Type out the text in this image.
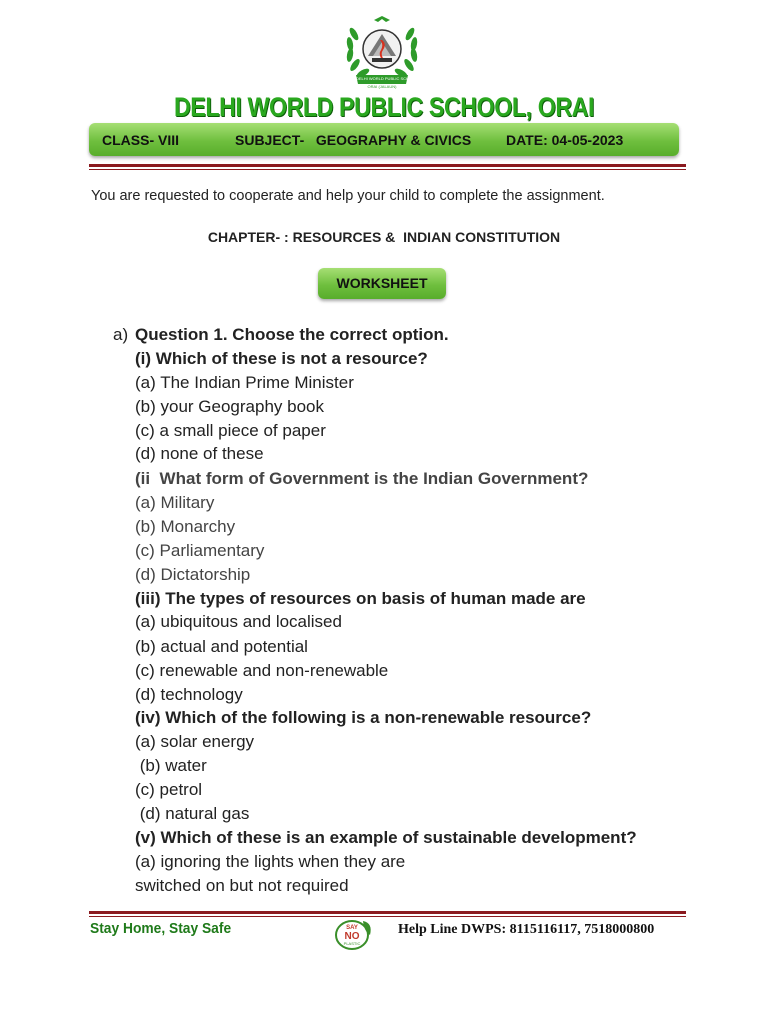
DELHI WORLD PUBLIC SCHOOL
ORAI (JALAUN)
DELHI WORLD PUBLIC SCHOOL, ORAI
CLASS- VIII	SUBJECT-   GEOGRAPHY & CIVICS DATE: 04-05-2023
You are requested to cooperate and help your child to complete the assignment.
CHAPTER- : RESOURCES &  INDIAN CONSTITUTION
WORKSHEET
a) Question 1. Choose the correct option.
(i) Which of these is not a resource?
(a) The Indian Prime Minister
(b) your Geography book
(c) a small piece of paper
(d) none of these
(ii  What form of Government is the Indian Government?
(a) Military
(b) Monarchy
(c) Parliamentary
(d) Dictatorship
(iii) The types of resources on basis of human made are
(a) ubiquitous and localised
(b) actual and potential
(c) renewable and non-renewable
(d) technology
(iv) Which of the following is a non-renewable resource?
(a) solar energy
(b) water
(c) petrol
(d) natural gas
(v) Which of these is an example of sustainable development?
(a) ignoring the lights when they are
switched on but not required
Stay Home, Stay Safe	SAY
NO
PLASTIC
Help Line DWPS: 8115116117, 7518000800
